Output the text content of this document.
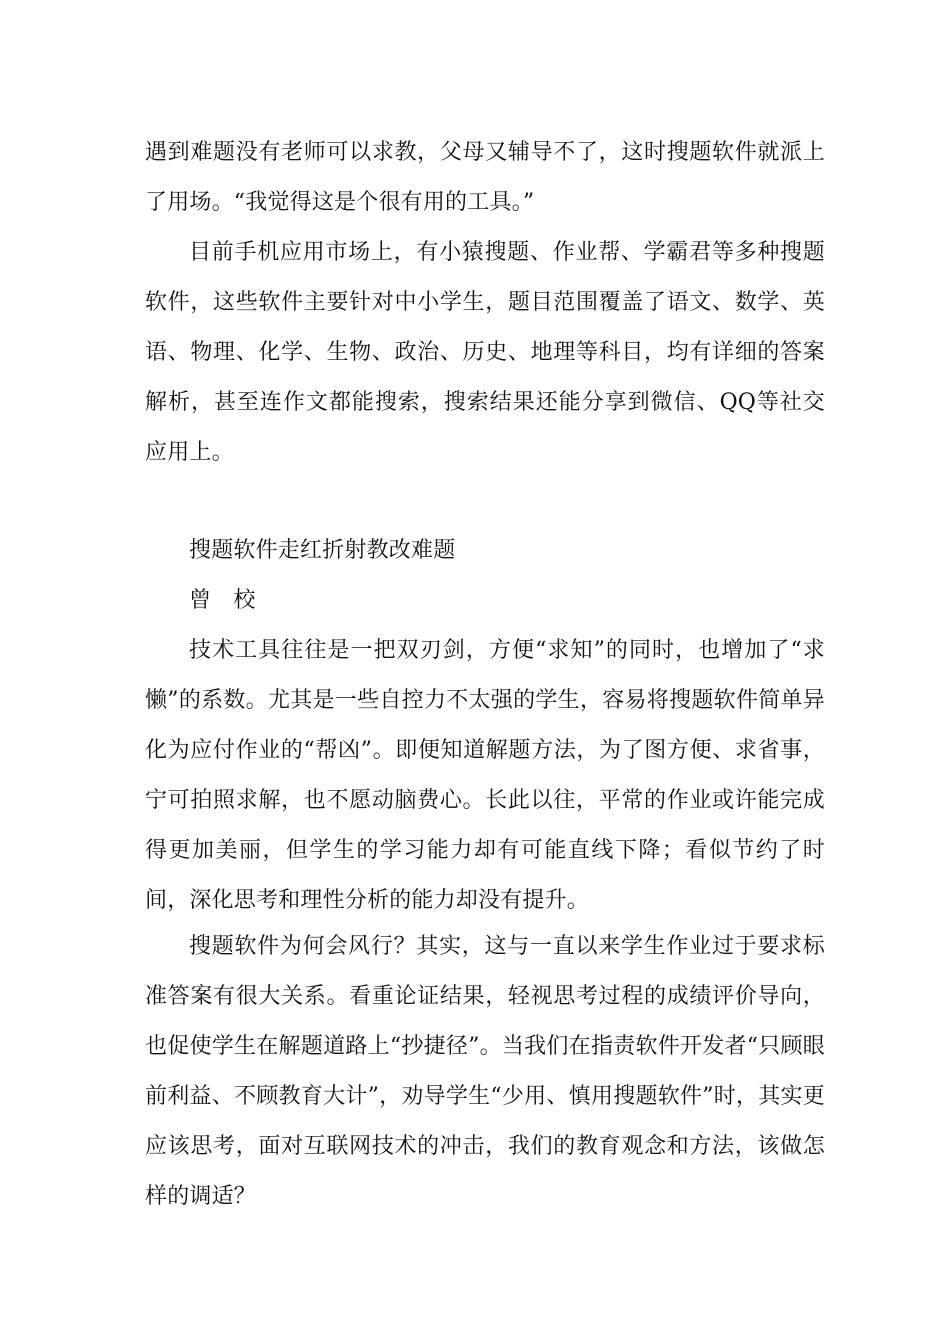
遇到难题没有老师可以求教，父母又辅导不了，这时搜题软件就派上了用场。“我觉得这是个很有用的工具。”

目前手机应用市场上，有小猿搜题、作业帮、学霸君等多种搜题软件，这些软件主要针对中小学生，题目范围覆盖了语文、数学、英语、物理、化学、生物、政治、历史、地理等科目，均有详细的答案解析，甚至连作文都能搜索，搜索结果还能分享到微信、QQ等社交应用上。

搜题软件走红折射教改难题

曾　校

技术工具往往是一把双刃剑，方便“求知”的同时，也增加了“求懒”的系数。尤其是一些自控力不太强的学生，容易将搜题软件简单异化为应付作业的“帮凶”。即便知道解题方法，为了图方便、求省事，宁可拍照求解，也不愿动脑费心。长此以往，平常的作业或许能完成得更加美丽，但学生的学习能力却有可能直线下降；看似节约了时间，深化思考和理性分析的能力却没有提升。

搜题软件为何会风行？其实，这与一直以来学生作业过于要求标准答案有很大关系。看重论证结果，轻视思考过程的成绩评价导向，也促使学生在解题道路上“抄捷径”。当我们在指责软件开发者“只顾眼前利益、不顾教育大计”，劝导学生“少用、慎用搜题软件”时，其实更应该思考，面对互联网技术的冲击，我们的教育观念和方法，该做怎样的调适？
